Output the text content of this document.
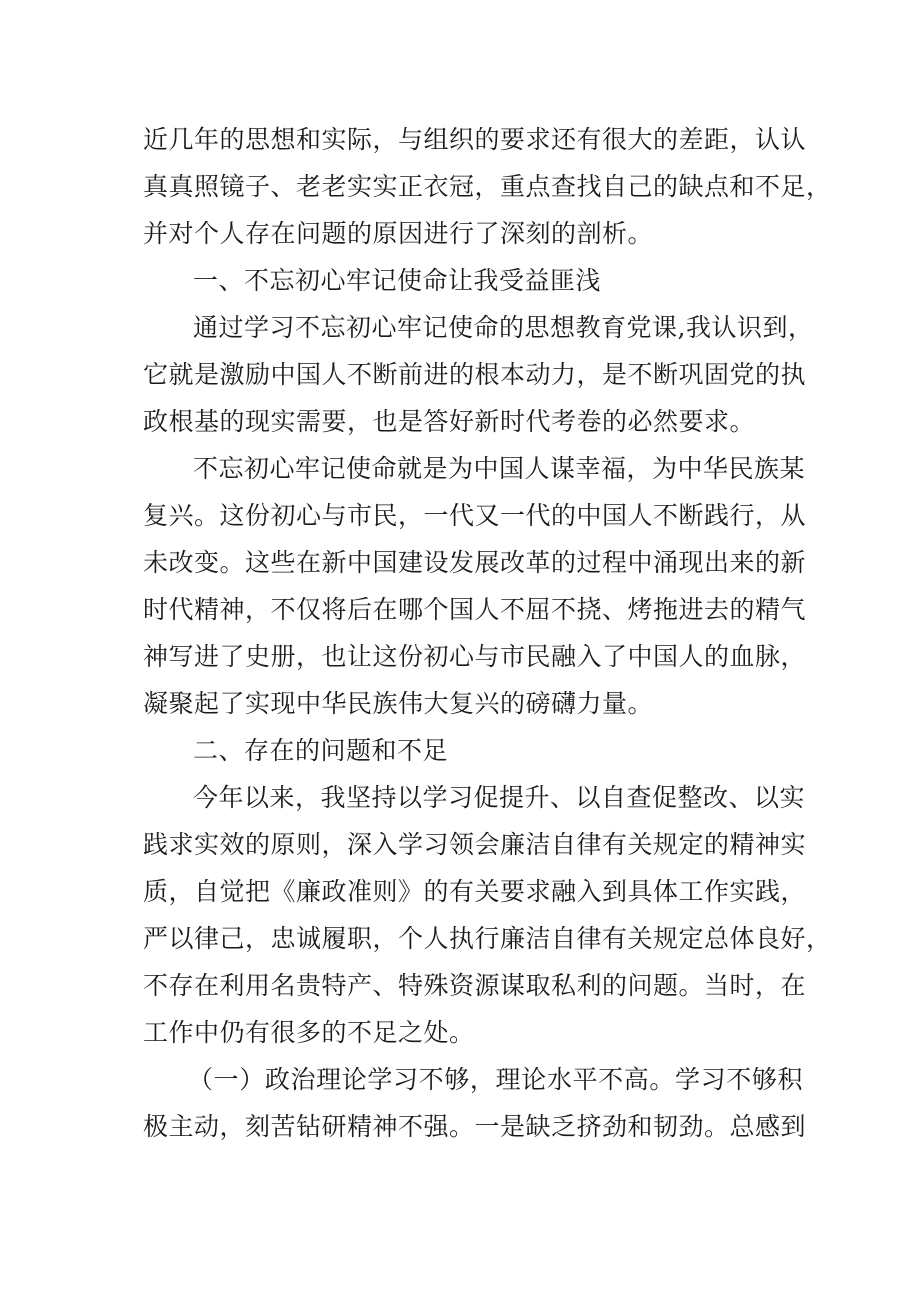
近几年的思想和实际，与组织的要求还有很大的差距，认认
真真照镜子、老老实实正衣冠，重点查找自己的缺点和不足，
并对个人存在问题的原因进行了深刻的剖析。
一、不忘初心牢记使命让我受益匪浅
通过学习不忘初心牢记使命的思想教育党课,我认识到，
它就是激励中国人不断前进的根本动力，是不断巩固党的执
政根基的现实需要，也是答好新时代考卷的必然要求。
不忘初心牢记使命就是为中国人谋幸福，为中华民族某
复兴。这份初心与市民，一代又一代的中国人不断践行，从
未改变。这些在新中国建设发展改革的过程中涌现出来的新
时代精神，不仅将后在哪个国人不屈不挠、烤拖进去的精气
神写进了史册，也让这份初心与市民融入了中国人的血脉，
凝聚起了实现中华民族伟大复兴的磅礴力量。
二、存在的问题和不足
今年以来，我坚持以学习促提升、以自查促整改、以实
践求实效的原则，深入学习领会廉洁自律有关规定的精神实
质，自觉把《廉政准则》的有关要求融入到具体工作实践，
严以律己，忠诚履职，个人执行廉洁自律有关规定总体良好，
不存在利用名贵特产、特殊资源谋取私利的问题。当时，在
工作中仍有很多的不足之处。
（一）政治理论学习不够，理论水平不高。学习不够积
极主动，刻苦钻研精神不强。一是缺乏挤劲和韧劲。总感到
